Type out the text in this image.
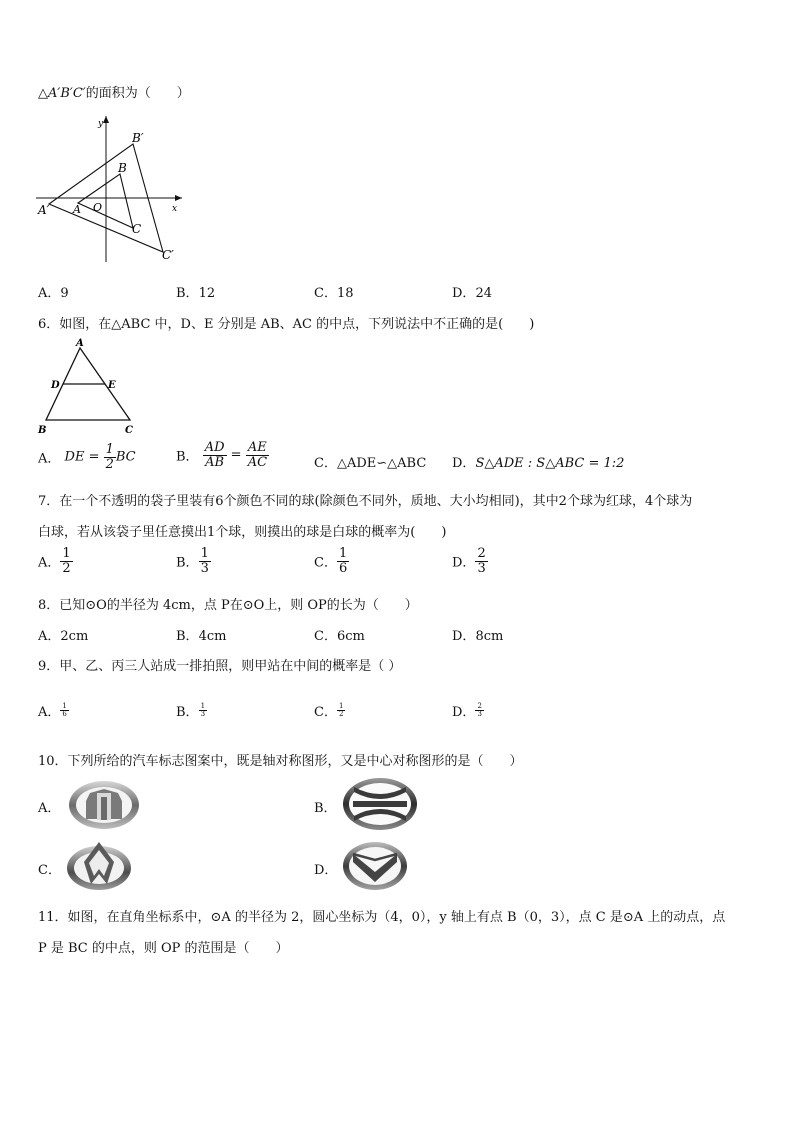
△A′B′C′的面积为（　　）
y
x
B′
B
O
A
A′
C
C′
A．9	B．12	C．18	D．24
6．如图，在△ABC 中，D、E 分别是 AB、AC 的中点，下列说法中不正确的是(　　)
A
D	E
B	C
A． DE = $\frac{1}{2}$ BC	B． $\frac{AD}{AB} = \frac{AE}{AC}$	C．△ADE∽△ABC D．S△ADE : S△ABC = 1:2
7．在一个不透明的袋子里装有6个颜色不同的球(除颜色不同外，质地、大小均相同)，其中2个球为红球，4个球为
白球，若从该袋子里任意摸出1个球，则摸出的球是白球的概率为(　　)
A． $\frac{1}{2}$	B． $\frac{1}{3}$	C． $\frac{1}{6}$	D． $\frac{2}{3}$
8．已知⊙O的半径为 4cm，点 P在⊙O上，则 OP的长为（　　）
A．2cm	B．4cm	C．6cm	D．8cm
9．甲、乙、丙三人站成一排拍照，则甲站在中间的概率是（ ）
A． $\frac{1}{6}$	B． $\frac{1}{3}$	C． $\frac{1}{2}$	D． $\frac{2}{3}$
10．下列所给的汽车标志图案中，既是轴对称图形，又是中心对称图形的是（　　）
A．	B．
C．	D．
11．如图，在直角坐标系中，⊙A 的半径为 2，圆心坐标为（4，0），y 轴上有点 B（0，3），点 C 是⊙A 上的动点，点
P 是 BC 的中点，则 OP 的范围是（　　）
